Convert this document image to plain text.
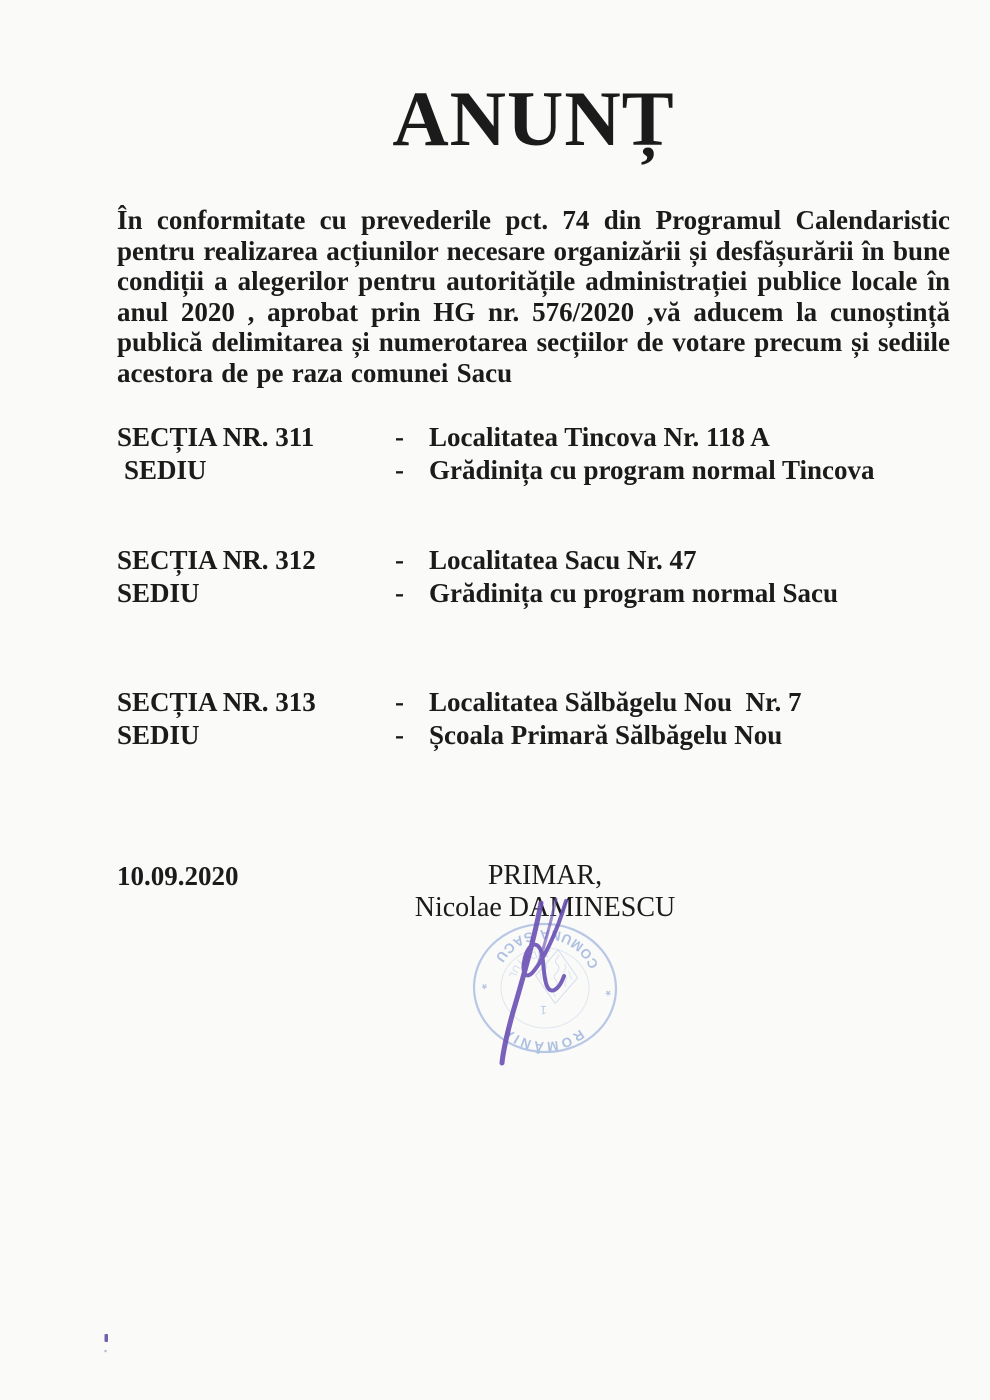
ANUNȚ
În conformitate cu prevederile pct. 74 din Programul Calendaristic pentru realizarea acțiunilor necesare organizării și desfășurării în bune condiții a alegerilor pentru autoritățile administrației publice locale în anul 2020 , aprobat prin HG nr. 576/2020 ,vă aducem la cunoștință publică delimitarea și numerotarea secțiilor de votare precum și sediile acestora de pe raza comunei Sacu
SECȚIA NR. 311	- Localitatea Tincova Nr. 118 A
SEDIU	- Grădinița cu program normal Tincova
SECȚIA NR. 312	- Localitatea Sacu Nr. 47
SEDIU	- Grădinița cu program normal Sacu
SECȚIA NR. 313	- Localitatea Sălbăgelu Nou  Nr. 7
SEDIU	- Școala Primară Sălbăgelu Nou
10.09.2020	PRIMAR,
Nicolae DAMINESCU
ROMÂNIA
COMUNA SACU	JUDEȚUL
*
*
1
